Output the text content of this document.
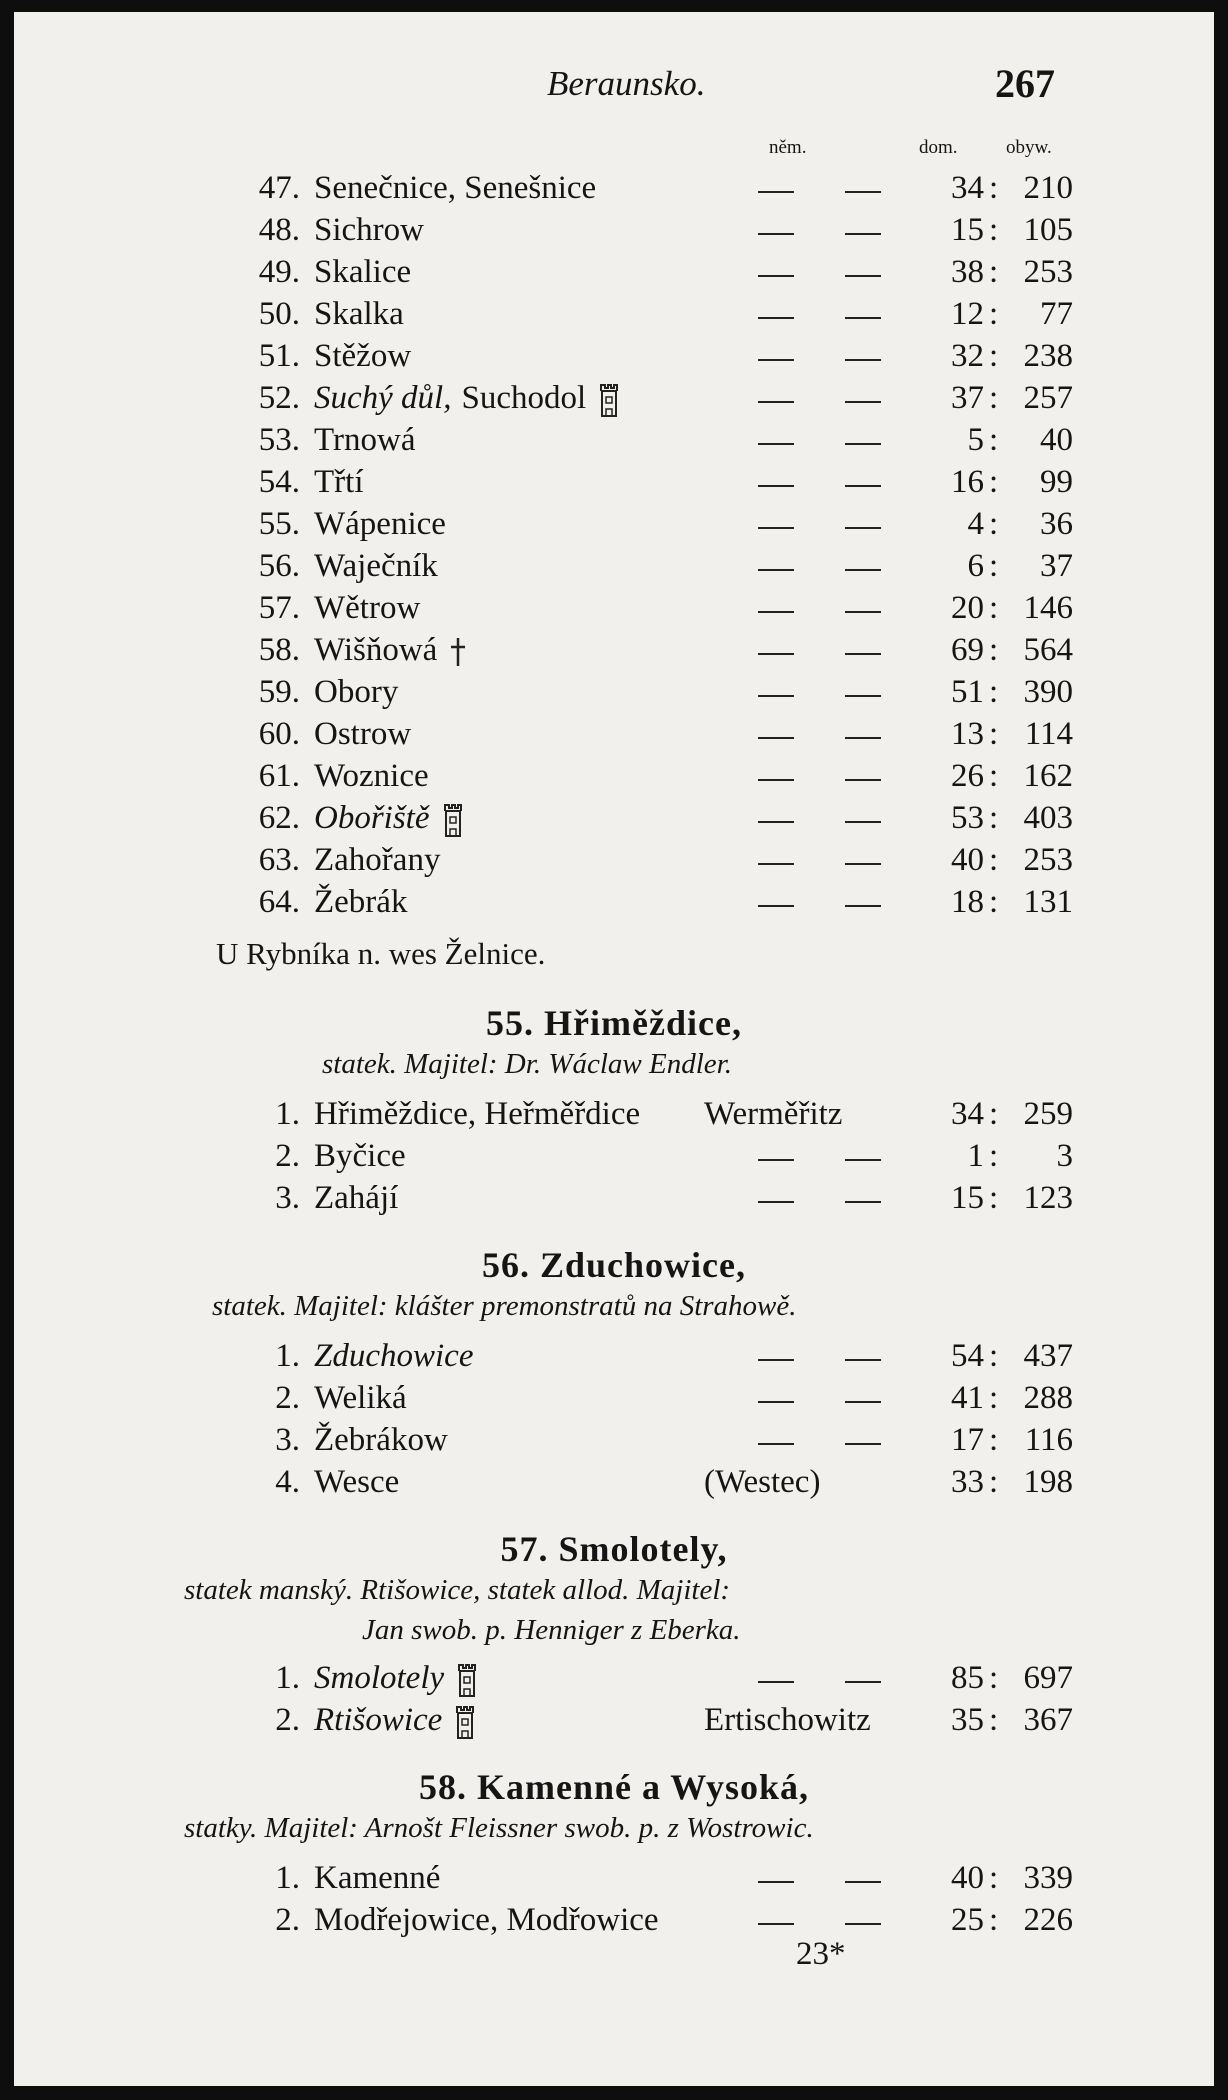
Beraunsko.	267
něm.	dom.	obyw.
47. Senečnice, Senešnice	34 : 210
48. Sichrow	15 : 105
49. Skalice	38 : 253
50. Skalka	12 :	77
51. Stěžow	32 : 238
52. Suchý důl, Suchodol	37 : 257
53. Trnowá	5 :	40
54. Třtí	16 :	99
55. Wápenice	4 :	36
56. Waječník	6 :	37
57. Wětrow	20 : 146
58. Wišňowá	69 : 564
59. Obory	51 : 390
60. Ostrow	13 : 114
61. Woznice	26 : 162
62. Obořiště	53 : 403
63. Zahořany	40 : 253
64. Žebrák	18 : 131
U Rybníka n. wes Želnice.
55. Hřiměždice,
statek. Majitel: Dr. Wáclaw Endler.
1. Hřiměždice, Heřměřdice Werměřitz	34 : 259
2. Byčice	1 :	3
3. Zahájí	15 : 123
56. Zduchowice,
statek. Majitel: klášter premonstratů na Strahowě.
1. Zduchowice	54 : 437
2. Weliká	41 : 288
3. Žebrákow	17 : 116
4. Wesce	(Westec)	33 : 198
57. Smolotely,
statek manský. Rtišowice, statek allod. Majitel:
Jan swob. p. Henniger z Eberka.
1. Smolotely	85 : 697
2. Rtišowice	Ertischowitz	35 : 367
58. Kamenné a Wysoká,
statky. Majitel: Arnošt Fleissner swob. p. z Wostrowic.
1. Kamenné	40 : 339
2. Modřejowice, Modřowice	25 : 226
23*
